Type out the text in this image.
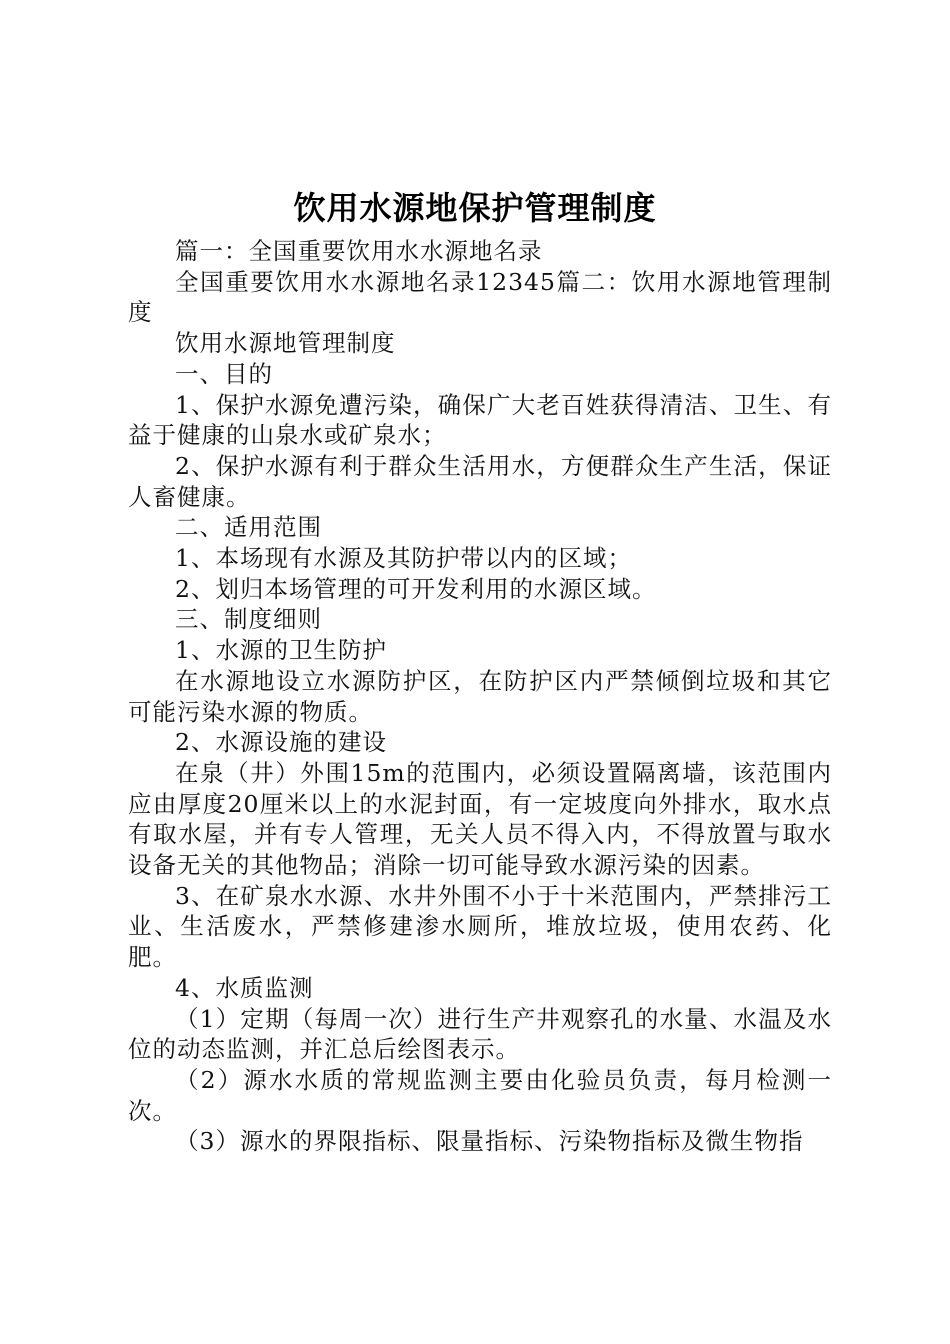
饮用水源地保护管理制度

篇一：全国重要饮用水水源地名录

全国重要饮用水水源地名录12345篇二：饮用水源地管理制度

饮用水源地管理制度

一、目的

1、保护水源免遭污染，确保广大老百姓获得清洁、卫生、有益于健康的山泉水或矿泉水；

2、保护水源有利于群众生活用水，方便群众生产生活，保证人畜健康。

二、适用范围

1、本场现有水源及其防护带以内的区域；

2、划归本场管理的可开发利用的水源区域。

三、制度细则

1、水源的卫生防护

在水源地设立水源防护区，在防护区内严禁倾倒垃圾和其它可能污染水源的物质。

2、水源设施的建设

在泉（井）外围15m的范围内，必须设置隔离墙，该范围内应由厚度20厘米以上的水泥封面，有一定坡度向外排水，取水点有取水屋，并有专人管理，无关人员不得入内，不得放置与取水设备无关的其他物品；消除一切可能导致水源污染的因素。

3、在矿泉水水源、水井外围不小于十米范围内，严禁排污工业、生活废水，严禁修建渗水厕所，堆放垃圾，使用农药、化肥。

4、水质监测

（1）定期（每周一次）进行生产井观察孔的水量、水温及水位的动态监测，并汇总后绘图表示。

（2）源水水质的常规监测主要由化验员负责，每月检测一次。

（3）源水的界限指标、限量指标、污染物指标及微生物指
